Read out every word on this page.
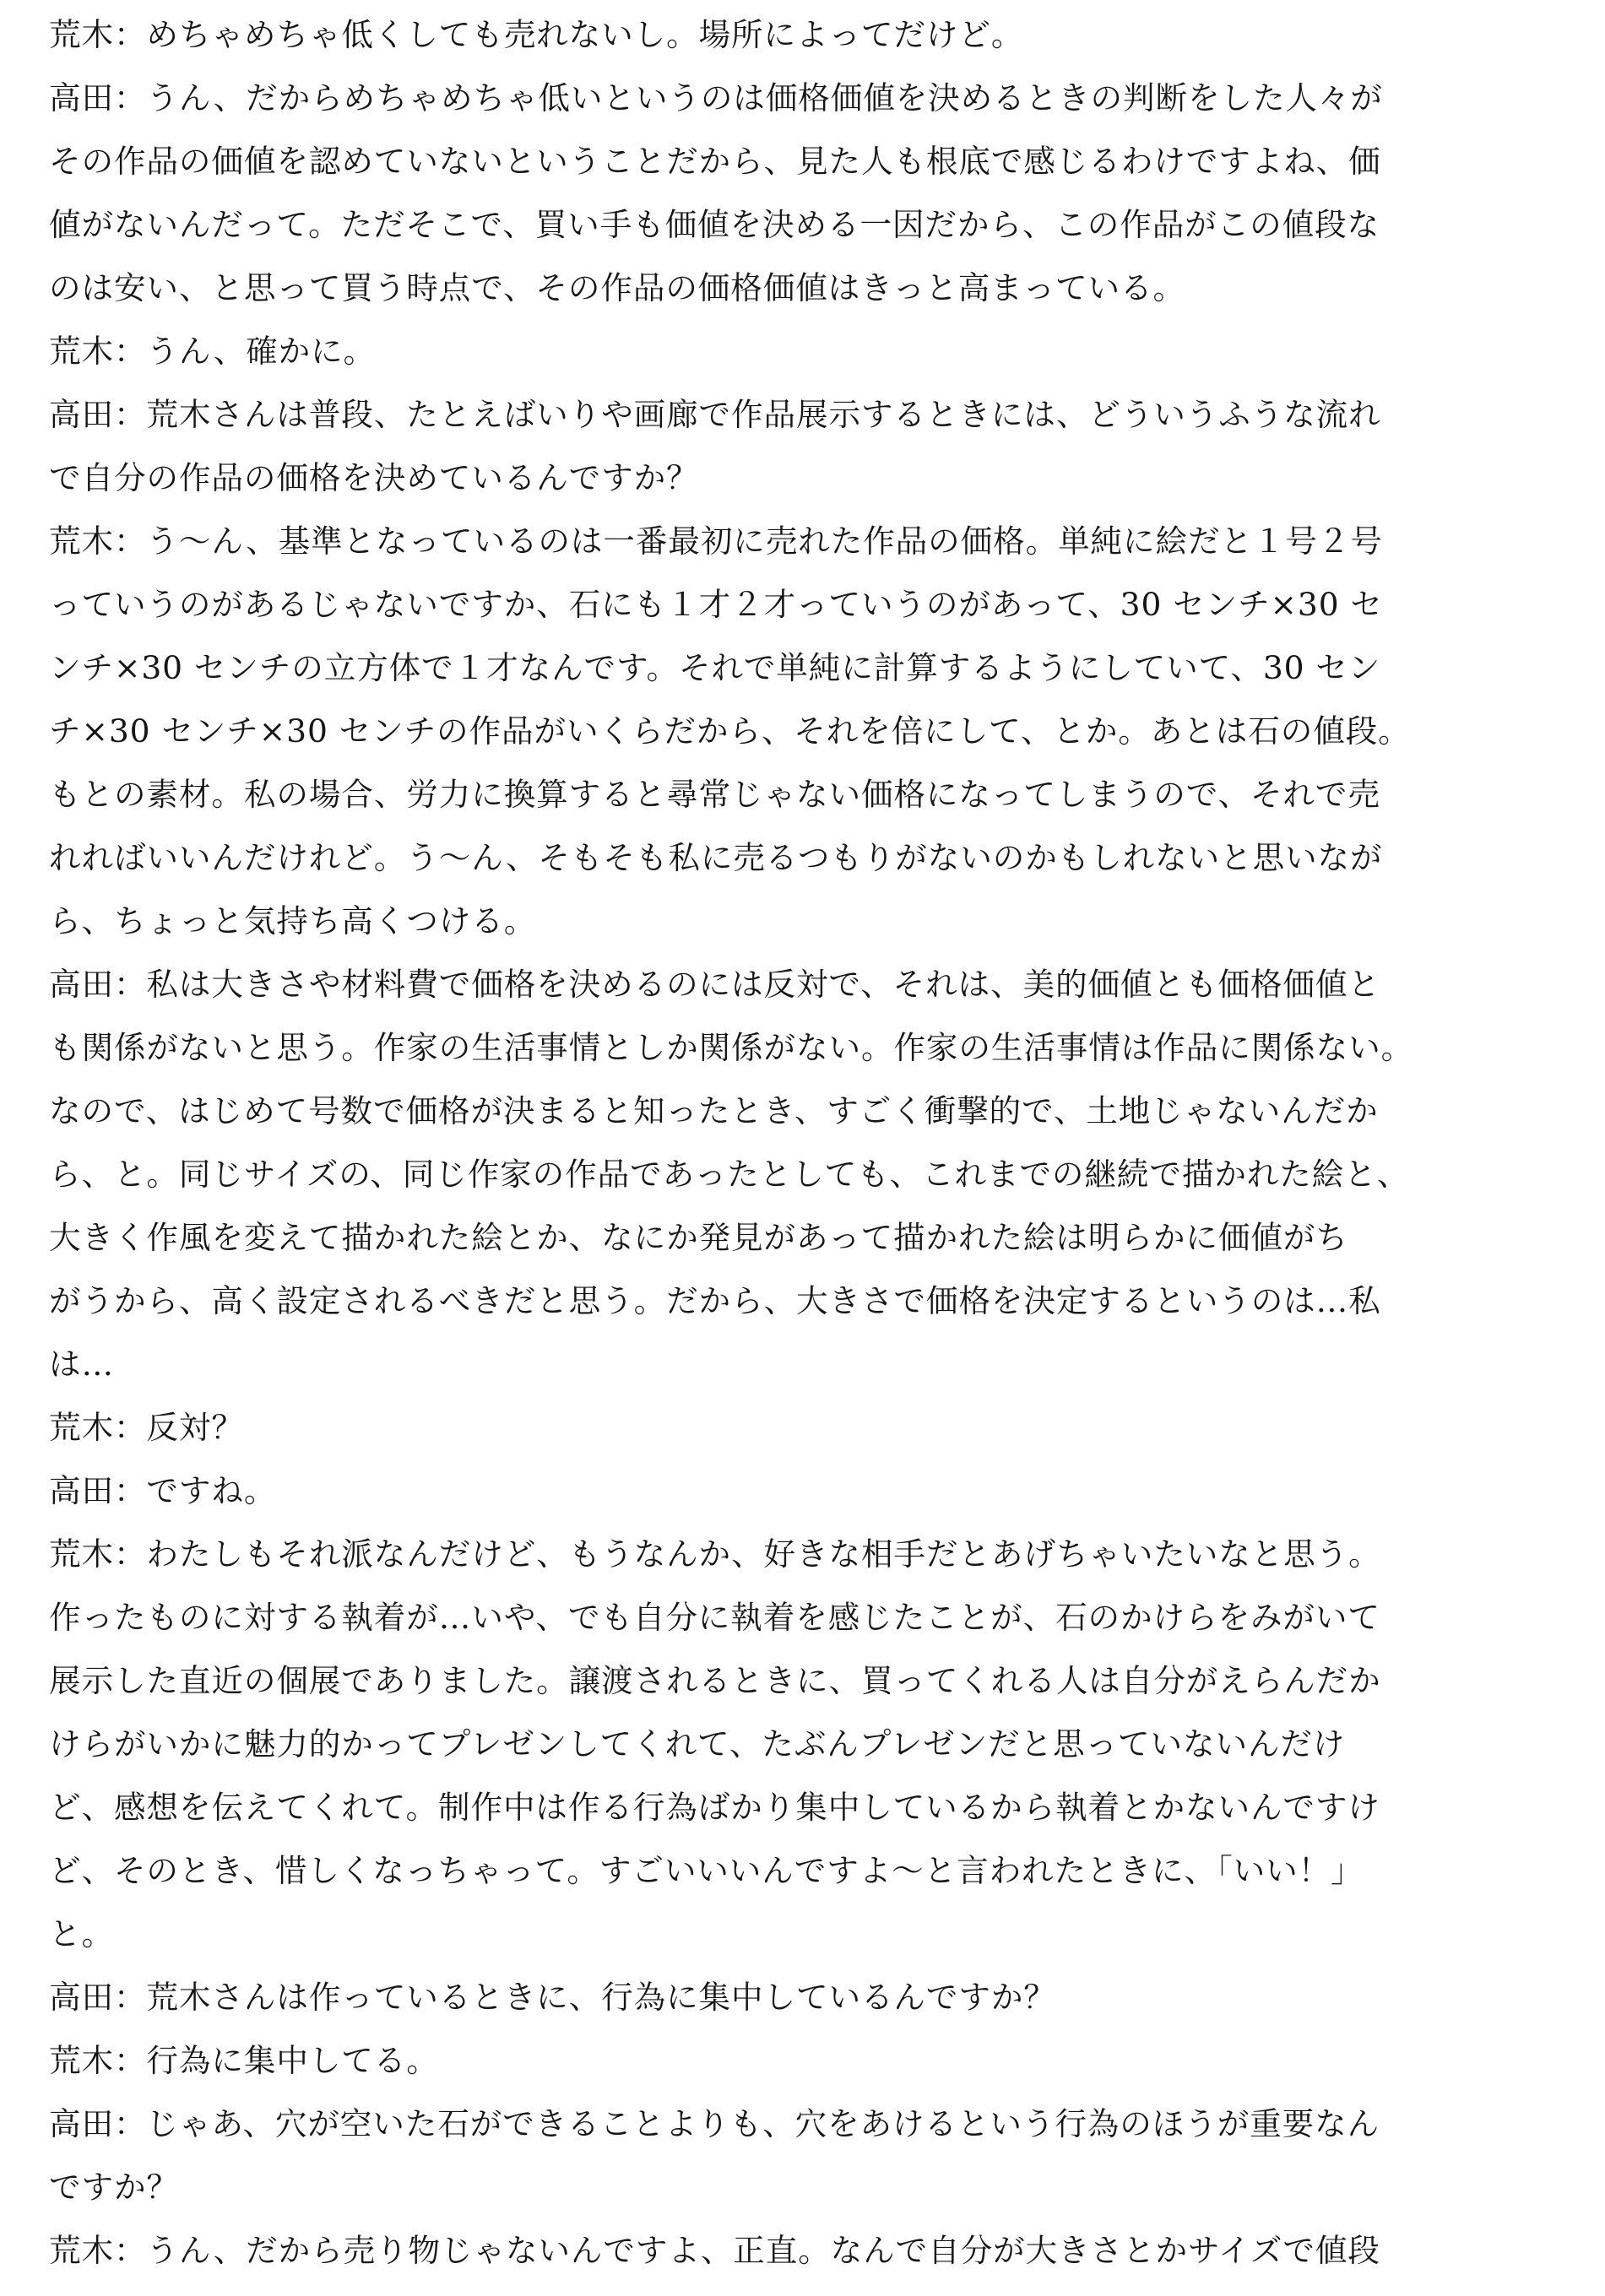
荒木：めちゃめちゃ低くしても売れないし。場所によってだけど。
高田：うん、だからめちゃめちゃ低いというのは価格価値を決めるときの判断をした人々が
その作品の価値を認めていないということだから、見た人も根底で感じるわけですよね、価
値がないんだって。ただそこで、買い手も価値を決める一因だから、この作品がこの値段な
のは安い、と思って買う時点で、その作品の価格価値はきっと高まっている。
荒木：うん、確かに。
高田：荒木さんは普段、たとえばいりや画廊で作品展示するときには、どういうふうな流れ
で自分の作品の価格を決めているんですか？
荒木：う～ん、基準となっているのは一番最初に売れた作品の価格。単純に絵だと１号２号
っていうのがあるじゃないですか、石にも１才２才っていうのがあって、30 センチ×30 セ
ンチ×30 センチの立方体で１才なんです。それで単純に計算するようにしていて、30 セン
チ×30 センチ×30 センチの作品がいくらだから、それを倍にして、とか。あとは石の値段。
もとの素材。私の場合、労力に換算すると尋常じゃない価格になってしまうので、それで売
れればいいんだけれど。う～ん、そもそも私に売るつもりがないのかもしれないと思いなが
ら、ちょっと気持ち高くつける。
高田：私は大きさや材料費で価格を決めるのには反対で、それは、美的価値とも価格価値と
も関係がないと思う。作家の生活事情としか関係がない。作家の生活事情は作品に関係ない。
なので、はじめて号数で価格が決まると知ったとき、すごく衝撃的で、土地じゃないんだか
ら、と。同じサイズの、同じ作家の作品であったとしても、これまでの継続で描かれた絵と、
大きく作風を変えて描かれた絵とか、なにか発見があって描かれた絵は明らかに価値がち
がうから、高く設定されるべきだと思う。だから、大きさで価格を決定するというのは…私
は…
荒木：反対？
高田：ですね。
荒木：わたしもそれ派なんだけど、もうなんか、好きな相手だとあげちゃいたいなと思う。
作ったものに対する執着が…いや、でも自分に執着を感じたことが、石のかけらをみがいて
展示した直近の個展でありました。譲渡されるときに、買ってくれる人は自分がえらんだか
けらがいかに魅力的かってプレゼンしてくれて、たぶんプレゼンだと思っていないんだけ
ど、感想を伝えてくれて。制作中は作る行為ばかり集中しているから執着とかないんですけ
ど、そのとき、惜しくなっちゃって。すごいいいんですよ～と言われたときに、「いい！」
と。
高田：荒木さんは作っているときに、行為に集中しているんですか？
荒木：行為に集中してる。
高田：じゃあ、穴が空いた石ができることよりも、穴をあけるという行為のほうが重要なん
ですか？
荒木：うん、だから売り物じゃないんですよ、正直。なんで自分が大きさとかサイズで値段
